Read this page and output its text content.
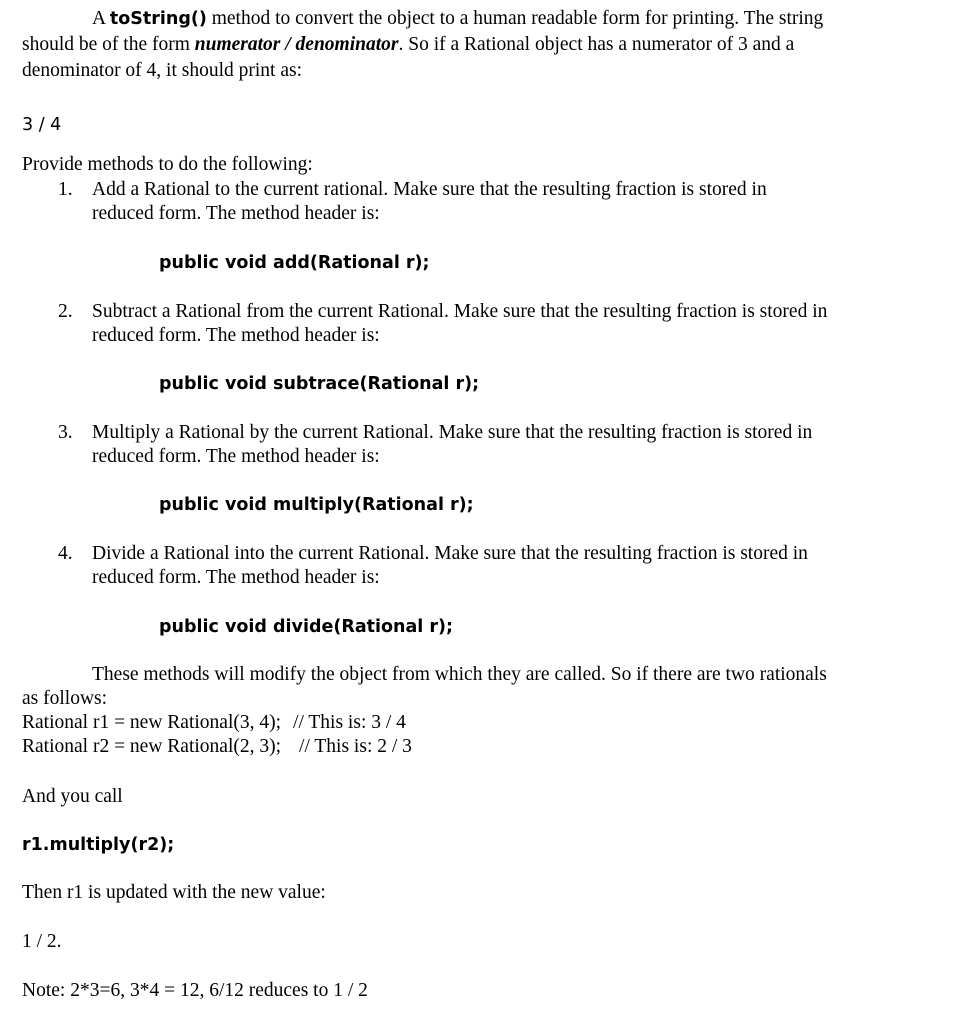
A toString() method to convert the object to a human readable form for printing. The string
should be of the form numerator / denominator. So if a Rational object has a numerator of 3 and a
denominator of 4, it should print as:
3 / 4
Provide methods to do the following:
1. Add a Rational to the current rational. Make sure that the resulting fraction is stored in
reduced form. The method header is:
public void add(Rational r);
2. Subtract a Rational from the current Rational. Make sure that the resulting fraction is stored in
reduced form. The method header is:
public void subtrace(Rational r);
3. Multiply a Rational by the current Rational. Make sure that the resulting fraction is stored in
reduced form. The method header is:
public void multiply(Rational r);
4. Divide a Rational into the current Rational. Make sure that the resulting fraction is stored in
reduced form. The method header is:
public void divide(Rational r);
These methods will modify the object from which they are called. So if there are two rationals
as follows:
Rational r1 = new Rational(3, 4); // This is: 3 / 4
Rational r2 = new Rational(2, 3); // This is: 2 / 3
And you call
r1.multiply(r2);
Then r1 is updated with the new value:
1 / 2.
Note: 2*3=6, 3*4 = 12, 6/12 reduces to 1 / 2
